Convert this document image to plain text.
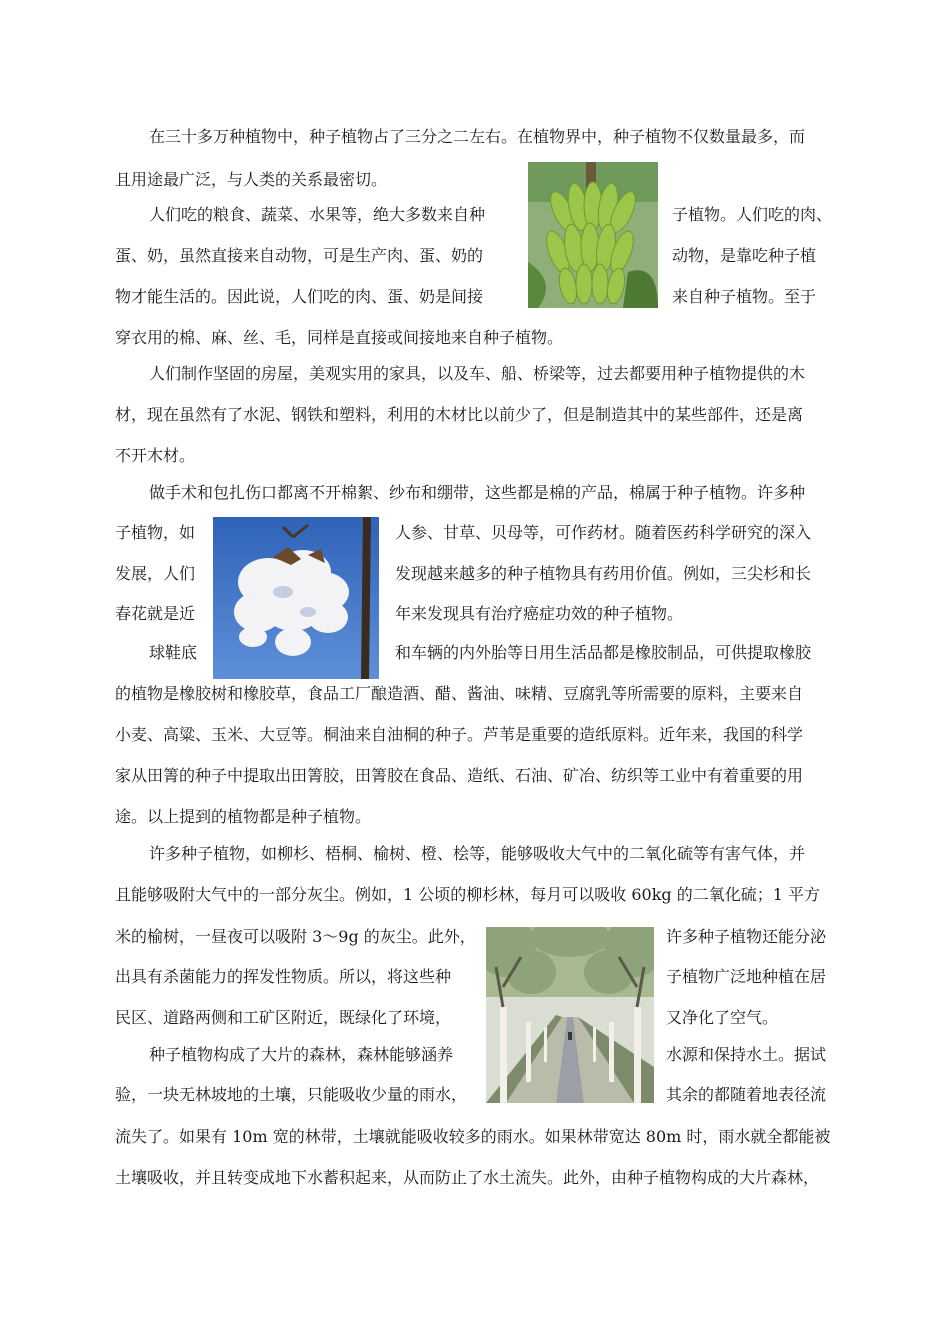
在三十多万种植物中，种子植物占了三分之二左右。在植物界中，种子植物不仅数量最多，而

且用途最广泛，与人类的关系最密切。

人们吃的粮食、蔬菜、水果等，绝大多数来自种	子植物。人们吃的肉、

蛋、奶，虽然直接来自动物，可是生产肉、蛋、奶的	动物，是靠吃种子植

物才能生活的。因此说，人们吃的肉、蛋、奶是间接	来自种子植物。至于

穿衣用的棉、麻、丝、毛，同样是直接或间接地来自种子植物。

人们制作坚固的房屋，美观实用的家具，以及车、船、桥梁等，过去都要用种子植物提供的木

材，现在虽然有了水泥、钢铁和塑料，利用的木材比以前少了，但是制造其中的某些部件，还是离

不开木材。

做手术和包扎伤口都离不开棉絮、纱布和绷带，这些都是棉的产品，棉属于种子植物。许多种

子植物，如	人参、甘草、贝母等，可作药材。随着医药科学研究的深入

发展，人们	发现越来越多的种子植物具有药用价值。例如，三尖杉和长

春花就是近	年来发现具有治疗癌症功效的种子植物。

球鞋底	和车辆的内外胎等日用生活品都是橡胶制品，可供提取橡胶

的植物是橡胶树和橡胶草，食品工厂酿造酒、醋、酱油、味精、豆腐乳等所需要的原料，主要来自

小麦、高粱、玉米、大豆等。桐油来自油桐的种子。芦苇是重要的造纸原料。近年来，我国的科学

家从田箐的种子中提取出田箐胶，田箐胶在食品、造纸、石油、矿冶、纺织等工业中有着重要的用

途。以上提到的植物都是种子植物。

许多种子植物，如柳杉、梧桐、榆树、橙、桧等，能够吸收大气中的二氧化硫等有害气体，并

且能够吸附大气中的一部分灰尘。例如，1 公顷的柳杉林，每月可以吸收 60kg 的二氧化硫；1 平方

米的榆树，一昼夜可以吸附 3～9g 的灰尘。此外，	许多种子植物还能分泌

出具有杀菌能力的挥发性物质。所以，将这些种	子植物广泛地种植在居

民区、道路两侧和工矿区附近，既绿化了环境，	又净化了空气。

种子植物构成了大片的森林，森林能够涵养	水源和保持水土。据试

验，一块无林坡地的土壤，只能吸收少量的雨水，	其余的都随着地表径流

流失了。如果有 10m 宽的林带，土壤就能吸收较多的雨水。如果林带宽达 80m 时，雨水就全都能被

土壤吸收，并且转变成地下水蓄积起来，从而防止了水土流失。此外，由种子植物构成的大片森林，
